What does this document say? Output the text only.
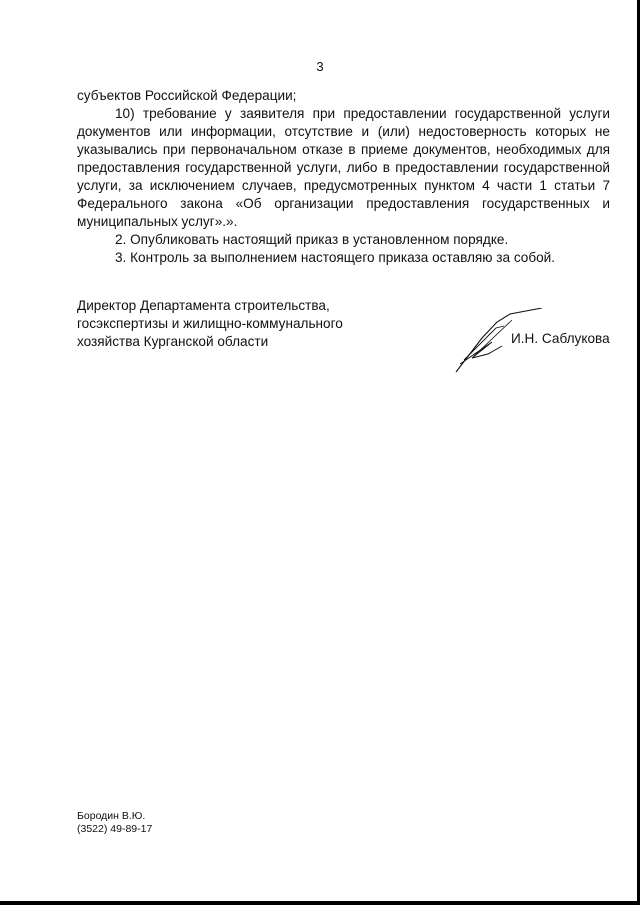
3

субъектов Российской Федерации;

10) требование у заявителя при предоставлении государственной услуги документов или информации, отсутствие и (или) недостоверность которых не указывались при первоначальном отказе в приеме документов, необходимых для предоставления государственной услуги, либо в предоставлении государственной услуги, за исключением случаев, предусмотренных пунктом 4 части 1 статьи 7 Федерального закона «Об организации предоставления государственных и муниципальных услуг».».

2. Опубликовать настоящий приказ в установленном порядке.

3. Контроль за выполнением настоящего приказа оставляю за собой.

Директор Департамента строительства,
госэкспертизы и жилищно-коммунального
хозяйства Курганской области	И.Н. Саблукова
Бородин В.Ю.
(3522) 49-89-17
